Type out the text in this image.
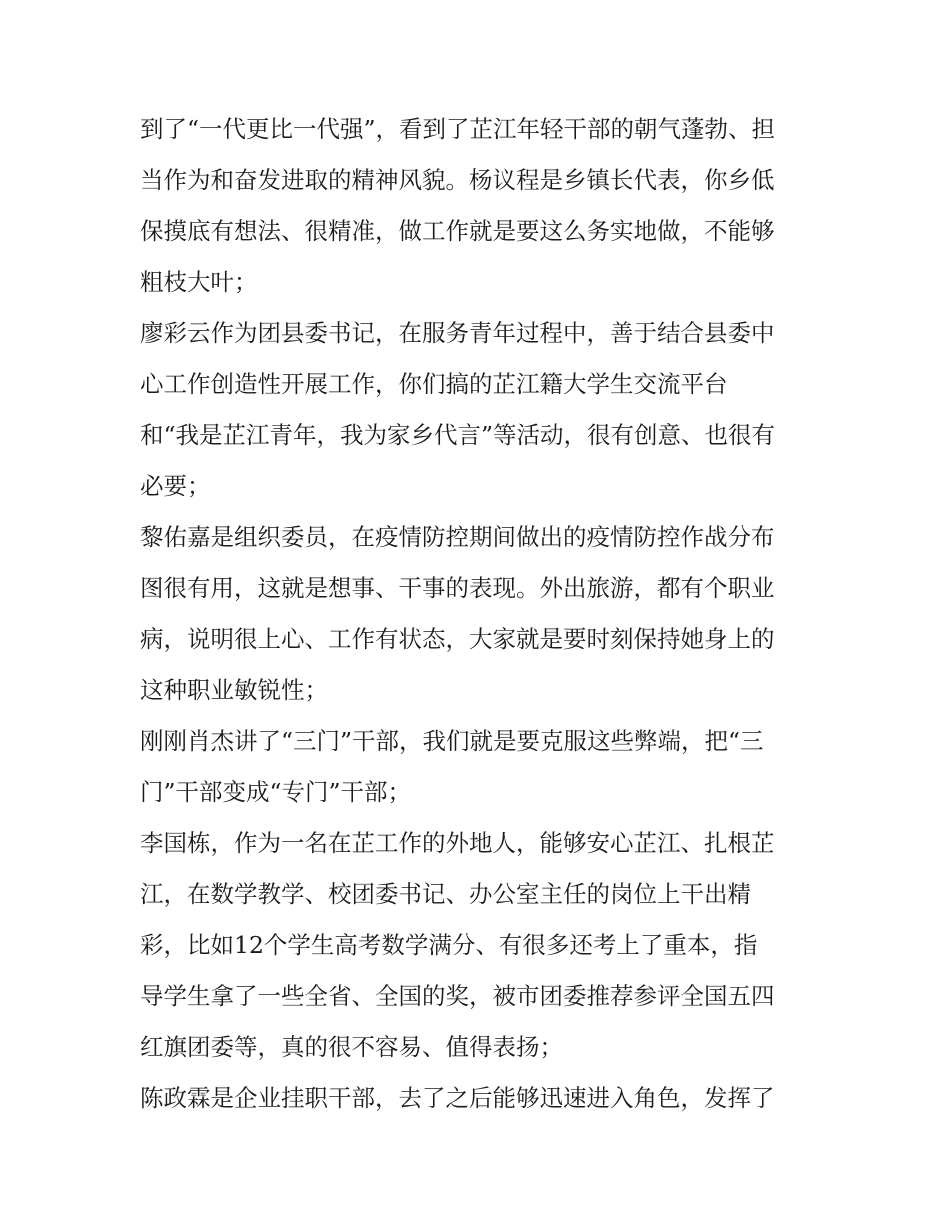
到了“一代更比一代强”，看到了芷江年轻干部的朝气蓬勃、担
当作为和奋发进取的精神风貌。杨议程是乡镇长代表，你乡低
保摸底有想法、很精准，做工作就是要这么务实地做，不能够
粗枝大叶；
廖彩云作为团县委书记，在服务青年过程中，善于结合县委中
心工作创造性开展工作，你们搞的芷江籍大学生交流平台
和“我是芷江青年，我为家乡代言”等活动，很有创意、也很有
必要；
黎佑嘉是组织委员，在疫情防控期间做出的疫情防控作战分布
图很有用，这就是想事、干事的表现。外出旅游，都有个职业
病，说明很上心、工作有状态，大家就是要时刻保持她身上的
这种职业敏锐性；
刚刚肖杰讲了“三门”干部，我们就是要克服这些弊端，把“三
门”干部变成“专门”干部；
李国栋，作为一名在芷工作的外地人，能够安心芷江、扎根芷
江，在数学教学、校团委书记、办公室主任的岗位上干出精
彩，比如12个学生高考数学满分、有很多还考上了重本，指
导学生拿了一些全省、全国的奖，被市团委推荐参评全国五四
红旗团委等，真的很不容易、值得表扬；
陈政霖是企业挂职干部，去了之后能够迅速进入角色，发挥了
